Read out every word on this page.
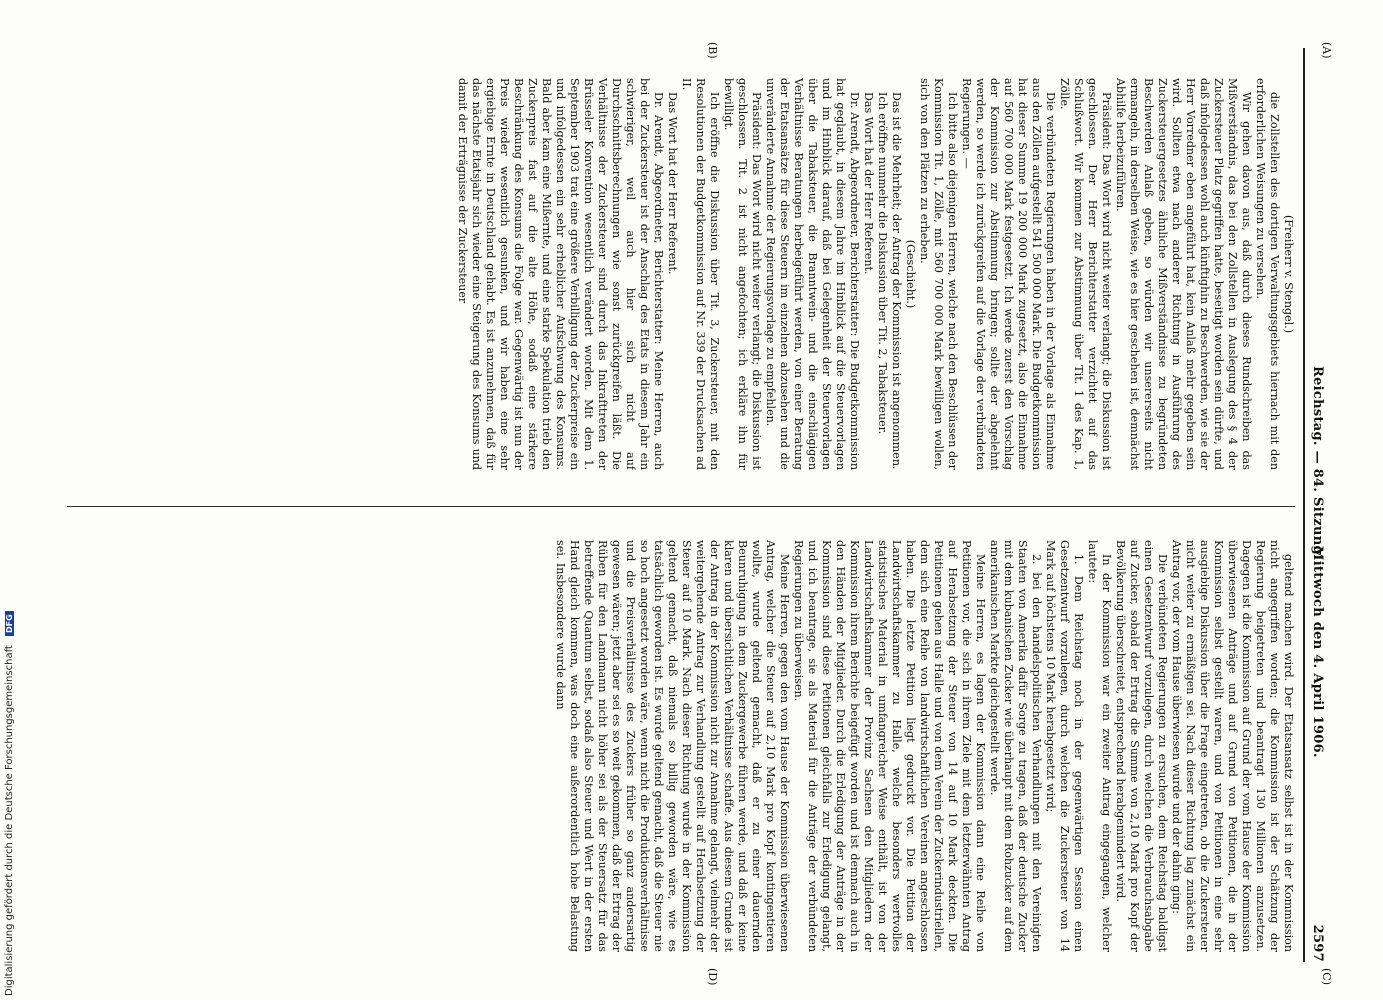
Reichstag. — 84. Sitzung.
Mittwoch den 4. April 1906.
2597
(A)
(B)
(C)
(D)

(Freiherr v. Stengel.)

die Zollstellen des dortigen Verwaltungsgebiets hiernach mit den erforderlichen Weisungen zu versehen.

Wir gehen davon aus, daß durch dieses Rundschreiben das Mißverständnis, das bei den Zollstellen in Auslegung des § 4 der Zuckersteuer Platz gegriffen hatte, beseitigt worden sein dürfte, und daß infolgedessen wohl auch künftighin zu Beschwerden, wie sie der Herr Vorredner eben angeführt hat, kein Anlaß mehr gegeben sein wird. Sollten etwa nach anderer Richtung in Ausführung des Zuckersteuergesetzes ähnliche Mißverständnisse zu begründeten Beschwerden Anlaß geben, so würden wir unsererseits nicht ermangeln, in derselben Weise, wie es hier geschehen ist, demnächst Abhilfe herbeizuführen.

Präsident: Das Wort wird nicht weiter verlangt; die Diskussion ist geschlossen. Der Herr Berichterstatter verzichtet auf das Schlußwort. Wir kommen zur Abstimmung über Tit. 1 des Kap. 1, Zölle.

Die verbündeten Regierungen haben in der Vorlage als Einnahme aus den Zöllen aufgestellt 541 500 000 Mark. Die Budgetkommission hat dieser Summe 19 200 000 Mark zugesetzt, also die Einnahme auf 560 700 000 Mark festgesetzt. Ich werde zuerst den Vorschlag der Kommission zur Abstimmung bringen; sollte der abgelehnt werden, so werde ich zurückgreifen auf die Vorlage der verbündeten Regierungen. —

Ich bitte also diejenigen Herren, welche nach den Beschlüssen der Kommission Tit. 1, Zölle, mit 560 700 000 Mark bewilligen wollen, sich von den Plätzen zu erheben.

(Geschieht.)

Das ist die Mehrheit; der Antrag der Kommission ist angenommen.

Ich eröffne nunmehr die Diskussion über Tit. 2, Tabaksteuer.

Das Wort hat der Herr Referent.

Dr. Arendt, Abgeordneter, Berichterstatter: Die Budgetkommission hat geglaubt, in diesem Jahre im Hinblick auf die Steuervorlagen und im Hinblick darauf, daß bei Gelegenheit der Steuervorlagen über die Tabaksteuer, die Branntwein- und die einschlägigen Verhältnisse Beratungen herbeigeführt werden, von einer Beratung der Etatsansätze für diese Steuern im einzelnen abzusehen und die unveränderte Annahme der Regierungsvorlage zu empfehlen.

Präsident: Das Wort wird nicht weiter verlangt; die Diskussion ist geschlossen. Tit. 2 ist nicht angefochten; ich erkläre ihn für bewilligt.

Ich eröffne die Diskussion über Tit. 3, Zuckersteuer, mit den Resolutionen der Budgetkommission auf Nr. 339 der Drucksachen ad II.

Das Wort hat der Herr Referent.

Dr. Arendt, Abgeordneter, Berichterstatter: Meine Herren, auch bei der Zuckersteuer ist der Anschlag des Etats in diesem Jahr ein schwieriger, weil auch hier sich nicht auf Durchschnittsberechnungen wie sonst zurückgreifen läßt. Die Verhältnisse der Zuckersteuer sind durch das Inkrafttreten der Brüsseler Konvention wesentlich verändert worden. Mit dem 1. September 1903 trat eine größere Verbilligung der Zuckerpreise ein und infolgedessen ein sehr erheblicher Aufschwung des Konsums. Bald aber kam eine Mißernte, und eine starke Spekulation trieb den Zuckerpreis fast auf die alte Höhe, sodaß eine stärkere Beschränkung des Konsums die Folge war. Gegenwärtig ist nun der Preis wieder wesentlich gesunken, und wir haben eine sehr ergiebige Ernte in Deutschland gehabt. Es ist anzunehmen, daß für das nächste Etatsjahr sich wieder eine Steigerung des Konsums und damit der Erträgnisse der Zuckersteuer

geltend machen wird. Der Etatsansatz selbst ist in der Kommission nicht angegriffen worden; die Kommission ist der Schätzung der Regierung beigetreten und beantragt 130 Millionen anzusetzen. Dagegen ist die Kommission auf Grund der vom Hause der Kommission überwiesenen Anträge und auf Grund von Petitionen, die in der Kommission selbst gestellt waren, und von Petitionen in eine sehr ausgiebige Diskussion über die Frage eingetreten, ob die Zuckersteuer nicht weiter zu ermäßigen sei. Nach dieser Richtung lag zunächst ein Antrag vor, der vom Hause überwiesen wurde und der dahin ging:

Die verbündeten Regierungen zu ersuchen, dem Reichstag baldigst einen Gesetzentwurf vorzulegen, durch welchen die Verbrauchsabgabe auf Zucker, sobald der Ertrag die Summe von 2,10 Mark pro Kopf der Bevölkerung überschreitet, entsprechend herabgemindert wird.

In der Kommission war ein zweiter Antrag eingegangen, welcher lautete:

1. Dem Reichstag noch in der gegenwärtigen Session einen Gesetzentwurf vorzulegen, durch welchen die Zuckersteuer von 14 Mark auf höchstens 10 Mark herabgesetzt wird;

2. bei den handelspolitischen Verhandlungen mit den Vereinigten Staaten von Amerika dafür Sorge zu tragen, daß der deutsche Zucker mit dem kubanischen Zucker wie überhaupt mit dem Rohzucker auf dem amerikanischen Markte gleichgestellt werde.

Meine Herren, es lagen der Kommission dann eine Reihe von Petitionen vor, die sich in ihrem Ziele mit dem letzterwähnten Antrag auf Herabsetzung der Steuer von 14 auf 10 Mark deckten. Die Petitionen gehen aus Halle und von dem Verein der Zuckerindustriellen, dem sich eine Reihe von landwirtschaftlichen Vereinen angeschlossen haben. Die letzte Petition liegt gedruckt vor. Die Petition der Landwirtschaftskammer zu Halle, welche besonders wertvolles statistisches Material in umfangreicher Weise enthält, ist von der Landwirtschaftskammer der Provinz Sachsen den Mitgliedern der Kommission ihrem Berichte beigefügt worden und ist demnach auch in den Händen der Mitglieder. Durch die Erledigung der Anträge in der Kommission sind diese Petitionen gleichfalls zur Erledigung gelangt, und ich beantrage, sie als Material für die Anträge der verbündeten Regierungen zu überweisen.

Meine Herren, gegen den vom Hause der Kommission überwiesenen Antrag, welcher die Steuer auf 2,10 Mark pro Kopf kontingentieren wollte, wurde geltend gemacht, daß er zu einer dauernden Beunruhigung in dem Zuckergewerbe führen werde, und daß er keine klaren und übersichtlichen Verhältnisse schaffe. Aus diesem Grunde ist der Antrag in der Kommission nicht zur Annahme gelangt, vielmehr der weitergehende Antrag zur Verhandlung gestellt auf Herabsetzung der Steuer auf 10 Mark. Nach dieser Richtung wurde in der Kommission geltend gemacht, daß niemals so billig geworden wäre, wie es tatsächlich geworden ist. Es wurde geltend gemacht, daß die Steuer nie so hoch angesetzt worden wäre, wenn nicht die Produktionsverhältnisse und die Preisverhältnisse des Zuckers früher so ganz andersartig gewesen wären; jetzt aber sei es so weit gekommen, daß der Ertrag der Rüben für den Landmann nicht höher sei als der Steuersatz für das betreffende Quantum selbst, sodaß also Steuer und Wert in der ersten Hand gleich kommen, was doch eine außerordentlich hohe Belastung sei. Insbesondere wurde dann

Digitalisierung gefördert durch die Deutsche Forschungsgemeinschaft DFG
